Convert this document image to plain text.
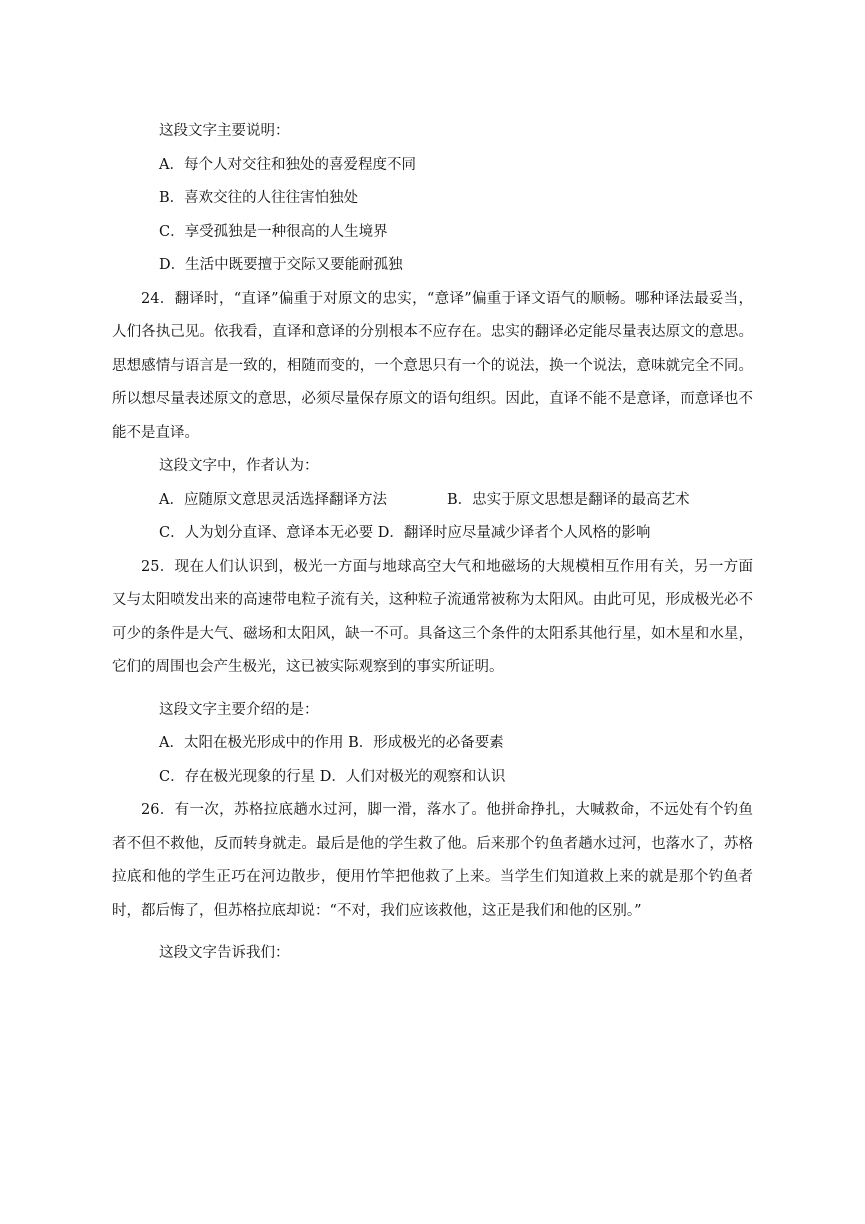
这段文字主要说明：
A．每个人对交往和独处的喜爱程度不同
B．喜欢交往的人往往害怕独处
C．享受孤独是一种很高的人生境界
D．生活中既要擅于交际又要能耐孤独

24．翻译时，“直译”偏重于对原文的忠实，“意译”偏重于译文语气的顺畅。哪种译法最妥当，人们各执己见。依我看，直译和意译的分别根本不应存在。忠实的翻译必定能尽量表达原文的意思。思想感情与语言是一致的，相随而变的，一个意思只有一个的说法，换一个说法，意味就完全不同。所以想尽量表述原文的意思，必须尽量保存原文的语句组织。因此，直译不能不是意译，而意译也不能不是直译。

这段文字中，作者认为：
A．应随原文意思灵活选择翻译方法	B．忠实于原文思想是翻译的最高艺术
C．人为划分直译、意译本无必要 D．翻译时应尽量减少译者个人风格的影响

25．现在人们认识到，极光一方面与地球高空大气和地磁场的大规模相互作用有关，另一方面又与太阳喷发出来的高速带电粒子流有关，这种粒子流通常被称为太阳风。由此可见，形成极光必不可少的条件是大气、磁场和太阳风，缺一不可。具备这三个条件的太阳系其他行星，如木星和水星，它们的周围也会产生极光，这已被实际观察到的事实所证明。

这段文字主要介绍的是：
A．太阳在极光形成中的作用 B．形成极光的必备要素
C．存在极光现象的行星 D．人们对极光的观察和认识

26．有一次，苏格拉底趟水过河，脚一滑，落水了。他拼命挣扎，大喊救命，不远处有个钓鱼者不但不救他，反而转身就走。最后是他的学生救了他。后来那个钓鱼者趟水过河，也落水了，苏格拉底和他的学生正巧在河边散步，便用竹竿把他救了上来。当学生们知道救上来的就是那个钓鱼者时，都后悔了，但苏格拉底却说：“不对，我们应该救他，这正是我们和他的区别。”

这段文字告诉我们：
